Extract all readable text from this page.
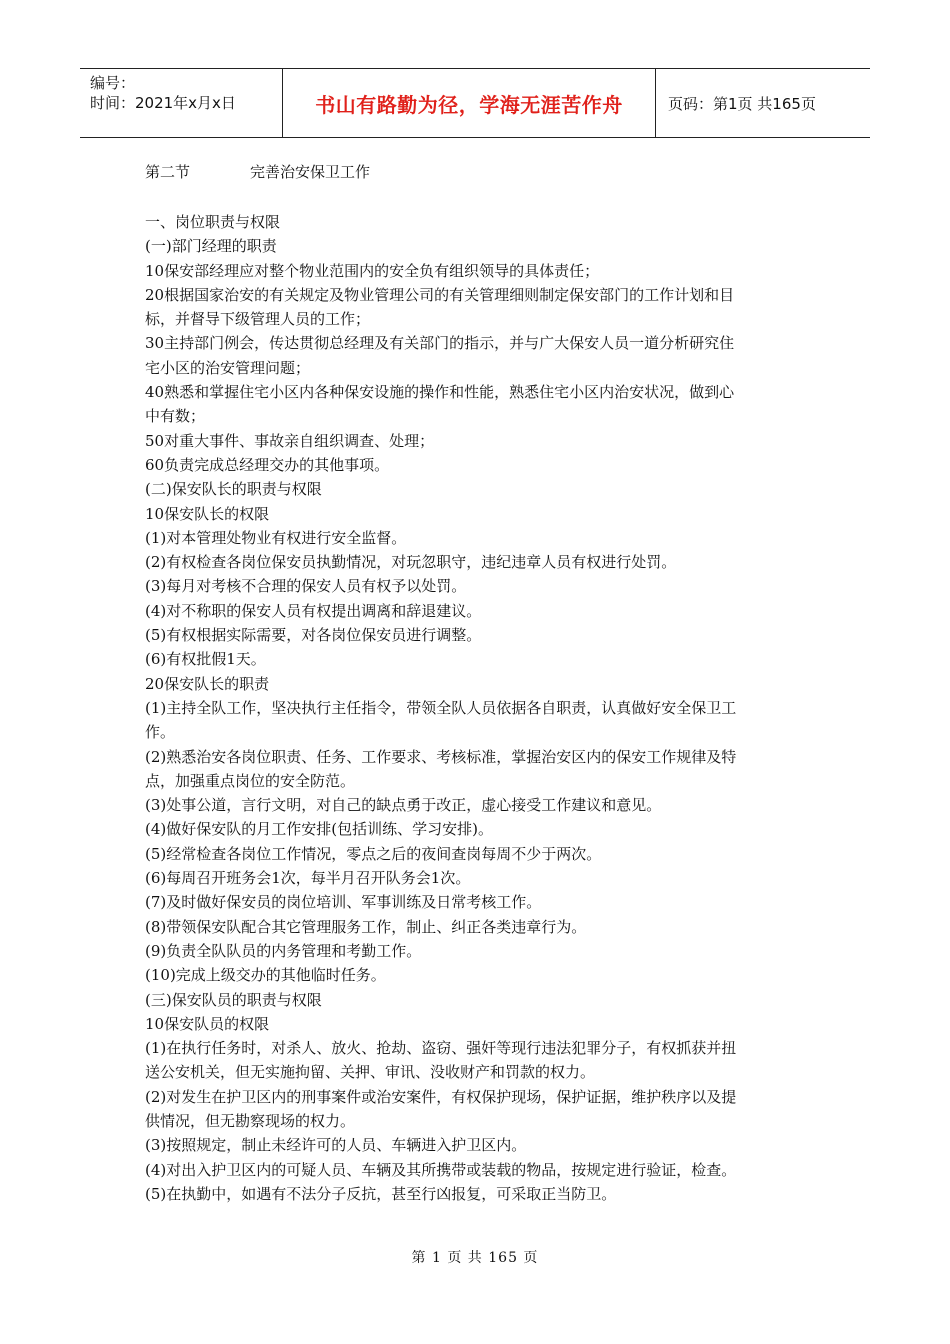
编号：
时间：2021年x月x日	书山有路勤为径，学海无涯苦作舟	页码：第1页 共165页
第二节	完善治安保卫工作
一、岗位职责与权限
(一)部门经理的职责
10保安部经理应对整个物业范围内的安全负有组织领导的具体责任；
20根据国家治安的有关规定及物业管理公司的有关管理细则制定保安部门的工作计划和目
标，并督导下级管理人员的工作；
30主持部门例会，传达贯彻总经理及有关部门的指示，并与广大保安人员一道分析研究住
宅小区的治安管理问题；
40熟悉和掌握住宅小区内各种保安设施的操作和性能，熟悉住宅小区内治安状况，做到心
中有数；
50对重大事件、事故亲自组织调查、处理；
60负责完成总经理交办的其他事项。
(二)保安队长的职责与权限
10保安队长的权限
(1)对本管理处物业有权进行安全监督。
(2)有权检查各岗位保安员执勤情况，对玩忽职守，违纪违章人员有权进行处罚。
(3)每月对考核不合理的保安人员有权予以处罚。
(4)对不称职的保安人员有权提出调离和辞退建议。
(5)有权根据实际需要，对各岗位保安员进行调整。
(6)有权批假1天。
20保安队长的职责
(1)主持全队工作，坚决执行主任指令，带领全队人员依据各自职责，认真做好安全保卫工
作。
(2)熟悉治安各岗位职责、任务、工作要求、考核标准，掌握治安区内的保安工作规律及特
点，加强重点岗位的安全防范。
(3)处事公道，言行文明，对自己的缺点勇于改正，虚心接受工作建议和意见。
(4)做好保安队的月工作安排(包括训练、学习安排)。
(5)经常检查各岗位工作情况，零点之后的夜间查岗每周不少于两次。
(6)每周召开班务会1次，每半月召开队务会1次。
(7)及时做好保安员的岗位培训、军事训练及日常考核工作。
(8)带领保安队配合其它管理服务工作，制止、纠正各类违章行为。
(9)负责全队队员的内务管理和考勤工作。
(10)完成上级交办的其他临时任务。
(三)保安队员的职责与权限
10保安队员的权限
(1)在执行任务时，对杀人、放火、抢劫、盗窃、强奸等现行违法犯罪分子，有权抓获并扭
送公安机关，但无实施拘留、关押、审讯、没收财产和罚款的权力。
(2)对发生在护卫区内的刑事案件或治安案件，有权保护现场，保护证据，维护秩序以及提
供情况，但无勘察现场的权力。
(3)按照规定，制止未经许可的人员、车辆进入护卫区内。
(4)对出入护卫区内的可疑人员、车辆及其所携带或装载的物品，按规定进行验证，检查。
(5)在执勤中，如遇有不法分子反抗，甚至行凶报复，可采取正当防卫。
第 1 页 共 165 页
